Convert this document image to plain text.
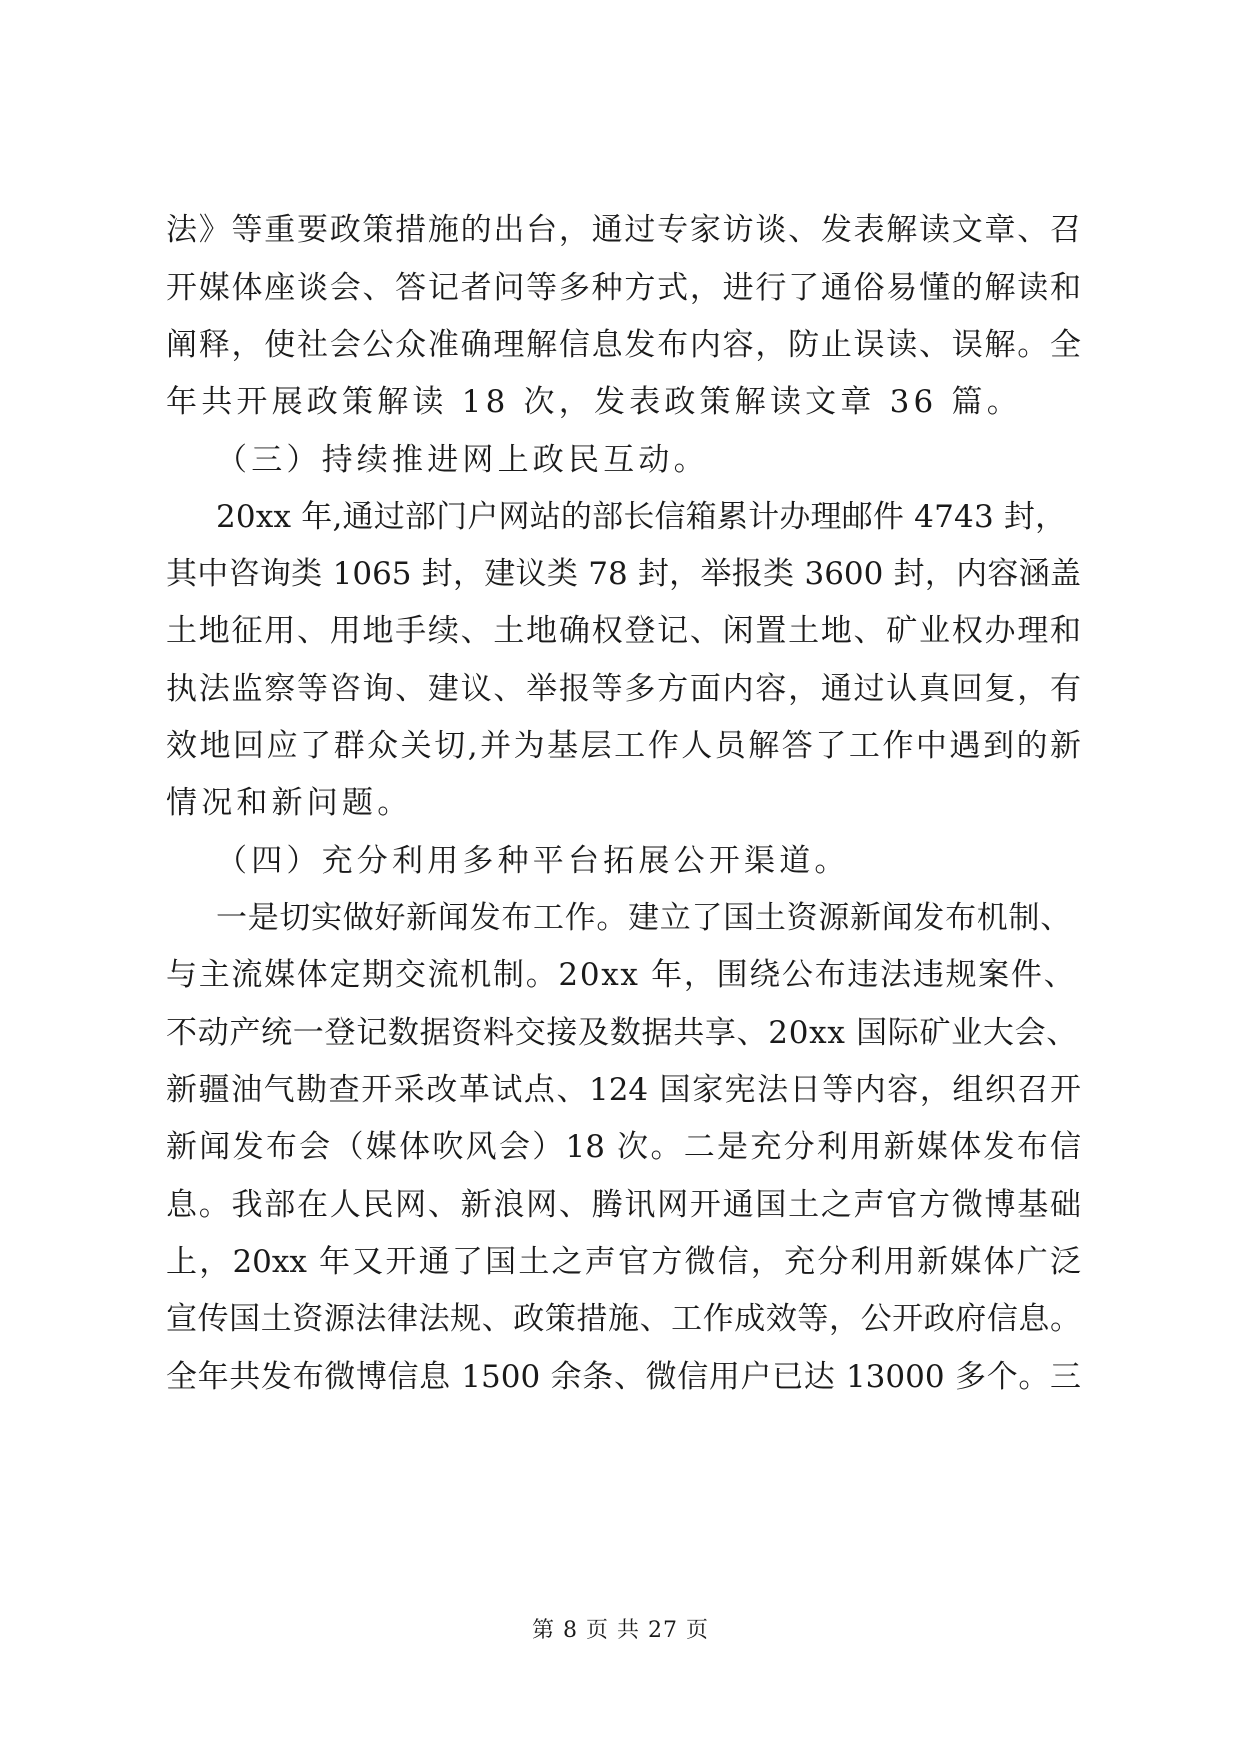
法》等重要政策措施的出台，通过专家访谈、发表解读文章、召
开媒体座谈会、答记者问等多种方式，进行了通俗易懂的解读和
阐释，使社会公众准确理解信息发布内容，防止误读、误解。全
年共开展政策解读 18 次，发表政策解读文章 36 篇。
（三）持续推进网上政民互动。
20xx 年,通过部门户网站的部长信箱累计办理邮件 4743 封，
其中咨询类 1065 封，建议类 78 封，举报类 3600 封，内容涵盖
土地征用、用地手续、土地确权登记、闲置土地、矿业权办理和
执法监察等咨询、建议、举报等多方面内容，通过认真回复，有
效地回应了群众关切,并为基层工作人员解答了工作中遇到的新
情况和新问题。
（四）充分利用多种平台拓展公开渠道。
一是切实做好新闻发布工作。建立了国土资源新闻发布机制、
与主流媒体定期交流机制。20xx 年，围绕公布违法违规案件、
不动产统一登记数据资料交接及数据共享、20xx 国际矿业大会、
新疆油气勘查开采改革试点、124 国家宪法日等内容，组织召开
新闻发布会（媒体吹风会）18 次。二是充分利用新媒体发布信
息。我部在人民网、新浪网、腾讯网开通国土之声官方微博基础
上，20xx 年又开通了国土之声官方微信，充分利用新媒体广泛
宣传国土资源法律法规、政策措施、工作成效等，公开政府信息。
全年共发布微博信息 1500 余条、微信用户已达 13000 多个。三
第 8 页 共 27 页
